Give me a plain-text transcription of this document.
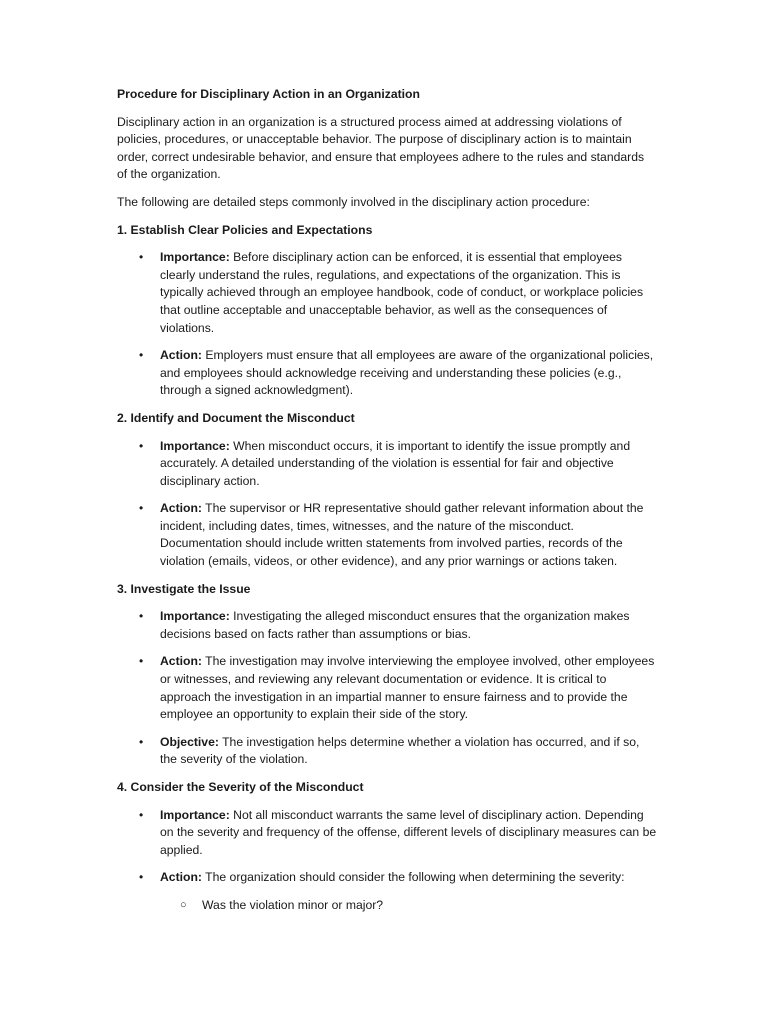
Procedure for Disciplinary Action in an Organization

Disciplinary action in an organization is a structured process aimed at addressing violations of policies, procedures, or unacceptable behavior. The purpose of disciplinary action is to maintain order, correct undesirable behavior, and ensure that employees adhere to the rules and standards of the organization.

The following are detailed steps commonly involved in the disciplinary action procedure:

1. Establish Clear Policies and Expectations
• Importance: Before disciplinary action can be enforced, it is essential that employees clearly understand the rules, regulations, and expectations of the organization. This is typically achieved through an employee handbook, code of conduct, or workplace policies that outline acceptable and unacceptable behavior, as well as the consequences of violations.
• Action: Employers must ensure that all employees are aware of the organizational policies, and employees should acknowledge receiving and understanding these policies (e.g., through a signed acknowledgment).
2. Identify and Document the Misconduct
• Importance: When misconduct occurs, it is important to identify the issue promptly and accurately. A detailed understanding of the violation is essential for fair and objective disciplinary action.
• Action: The supervisor or HR representative should gather relevant information about the incident, including dates, times, witnesses, and the nature of the misconduct. Documentation should include written statements from involved parties, records of the violation (emails, videos, or other evidence), and any prior warnings or actions taken.
3. Investigate the Issue
• Importance: Investigating the alleged misconduct ensures that the organization makes decisions based on facts rather than assumptions or bias.
• Action: The investigation may involve interviewing the employee involved, other employees or witnesses, and reviewing any relevant documentation or evidence. It is critical to approach the investigation in an impartial manner to ensure fairness and to provide the employee an opportunity to explain their side of the story.
• Objective: The investigation helps determine whether a violation has occurred, and if so, the severity of the violation.
4. Consider the Severity of the Misconduct
• Importance: Not all misconduct warrants the same level of disciplinary action. Depending on the severity and frequency of the offense, different levels of disciplinary measures can be applied.
• Action: The organization should consider the following when determining the severity:
○ Was the violation minor or major?
